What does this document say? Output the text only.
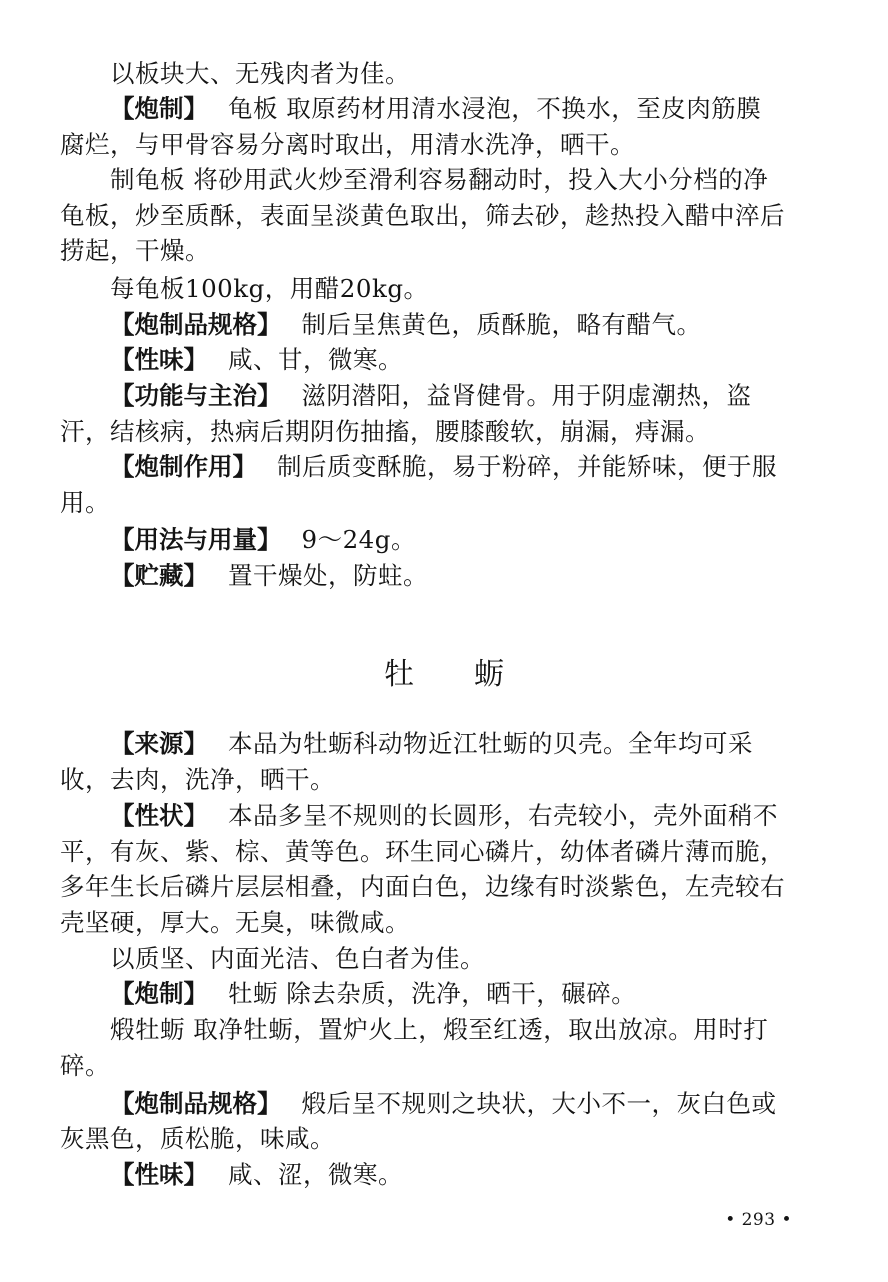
以板块大、无残肉者为佳。
【炮制】 龟板 取原药材用清水浸泡，不换水，至皮肉筋膜
腐烂，与甲骨容易分离时取出，用清水洗净，晒干。
制龟板 将砂用武火炒至滑利容易翻动时，投入大小分档的净
龟板，炒至质酥，表面呈淡黄色取出，筛去砂，趁热投入醋中淬后
捞起，干燥。
每龟板100kg，用醋20kg。
【炮制品规格】 制后呈焦黄色，质酥脆，略有醋气。
【性味】 咸、甘，微寒。
【功能与主治】 滋阴潜阳，益肾健骨。用于阴虚潮热，盗
汗，结核病，热病后期阴伤抽搐，腰膝酸软，崩漏，痔漏。
【炮制作用】 制后质变酥脆，易于粉碎，并能矫味，便于服
用。
【用法与用量】 9～24g。
【贮藏】 置干燥处，防蛀。
牡 蛎
【来源】 本品为牡蛎科动物近江牡蛎的贝壳。全年均可采
收，去肉，洗净，晒干。
【性状】 本品多呈不规则的长圆形，右壳较小，壳外面稍不
平，有灰、紫、棕、黄等色。环生同心磷片，幼体者磷片薄而脆，
多年生长后磷片层层相叠，内面白色，边缘有时淡紫色，左壳较右
壳坚硬，厚大。无臭，味微咸。
以质坚、内面光洁、色白者为佳。
【炮制】 牡蛎 除去杂质，洗净，晒干，碾碎。
煅牡蛎 取净牡蛎，置炉火上，煅至红透，取出放凉。用时打
碎。
【炮制品规格】 煅后呈不规则之块状，大小不一，灰白色或
灰黑色，质松脆，味咸。
【性味】 咸、涩，微寒。
• 293 •
